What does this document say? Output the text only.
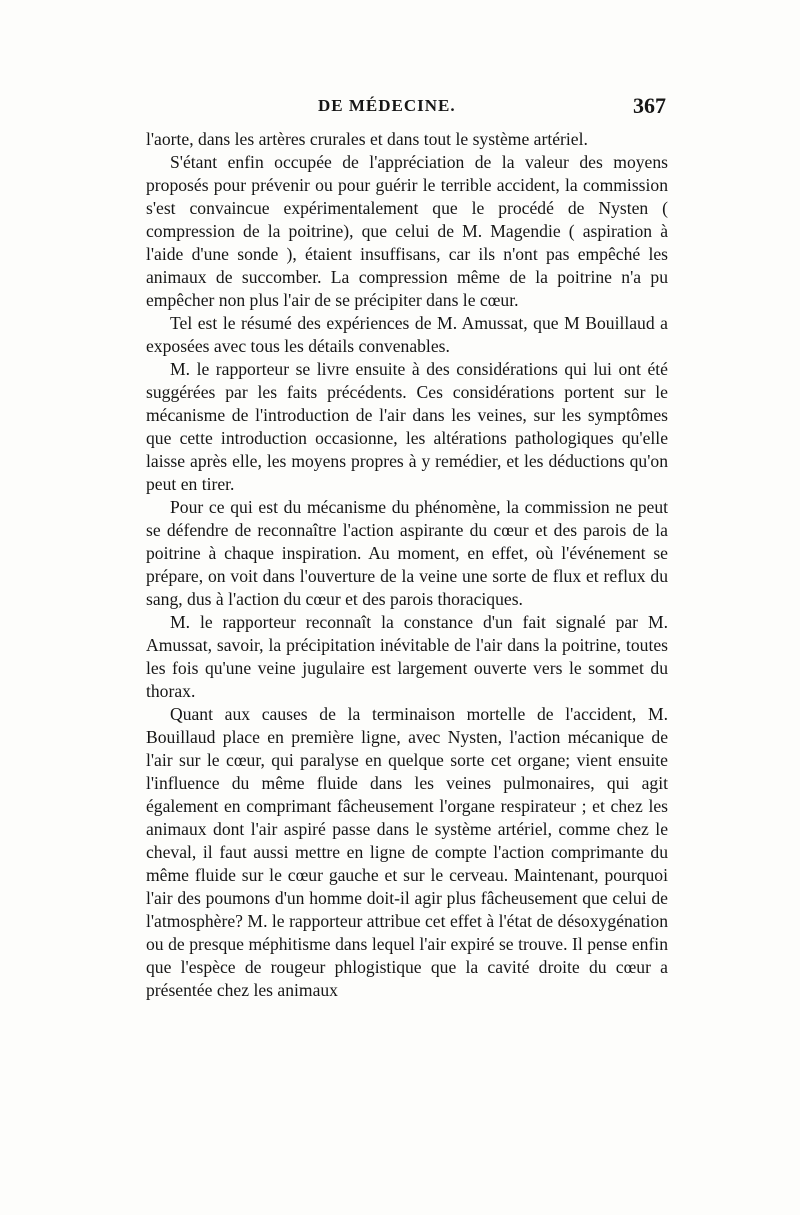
DE MÉDECINE.	367

l'aorte, dans les artères crurales et dans tout le système artériel.

S'étant enfin occupée de l'appréciation de la valeur des moyens proposés pour prévenir ou pour guérir le terrible accident, la commission s'est convaincue expérimentalement que le procédé de Nysten ( compression de la poitrine), que celui de M. Magendie ( aspiration à l'aide d'une sonde ), étaient insuffisans, car ils n'ont pas empêché les animaux de succomber. La compression même de la poitrine n'a pu empêcher non plus l'air de se précipiter dans le cœur.

Tel est le résumé des expériences de M. Amussat, que M Bouillaud a exposées avec tous les détails convenables.

M. le rapporteur se livre ensuite à des considérations qui lui ont été suggérées par les faits précédents. Ces considérations portent sur le mécanisme de l'introduction de l'air dans les veines, sur les symptômes que cette introduction occasionne, les altérations pathologiques qu'elle laisse après elle, les moyens propres à y remédier, et les déductions qu'on peut en tirer.

Pour ce qui est du mécanisme du phénomène, la commission ne peut se défendre de reconnaître l'action aspirante du cœur et des parois de la poitrine à chaque inspiration. Au moment, en effet, où l'événement se prépare, on voit dans l'ouverture de la veine une sorte de flux et reflux du sang, dus à l'action du cœur et des parois thoraciques.

M. le rapporteur reconnaît la constance d'un fait signalé par M. Amussat, savoir, la précipitation inévitable de l'air dans la poitrine, toutes les fois qu'une veine jugulaire est largement ouverte vers le sommet du thorax.

Quant aux causes de la terminaison mortelle de l'accident, M. Bouillaud place en première ligne, avec Nysten, l'action mécanique de l'air sur le cœur, qui paralyse en quelque sorte cet organe; vient ensuite l'influence du même fluide dans les veines pulmonaires, qui agit également en comprimant fâcheusement l'organe respirateur ; et chez les animaux dont l'air aspiré passe dans le système artériel, comme chez le cheval, il faut aussi mettre en ligne de compte l'action comprimante du même fluide sur le cœur gauche et sur le cerveau. Maintenant, pourquoi l'air des poumons d'un homme doit-il agir plus fâcheusement que celui de l'atmosphère? M. le rapporteur attribue cet effet à l'état de désoxygénation ou de presque méphitisme dans lequel l'air expiré se trouve. Il pense enfin que l'espèce de rougeur phlogistique que la cavité droite du cœur a présentée chez les animaux
